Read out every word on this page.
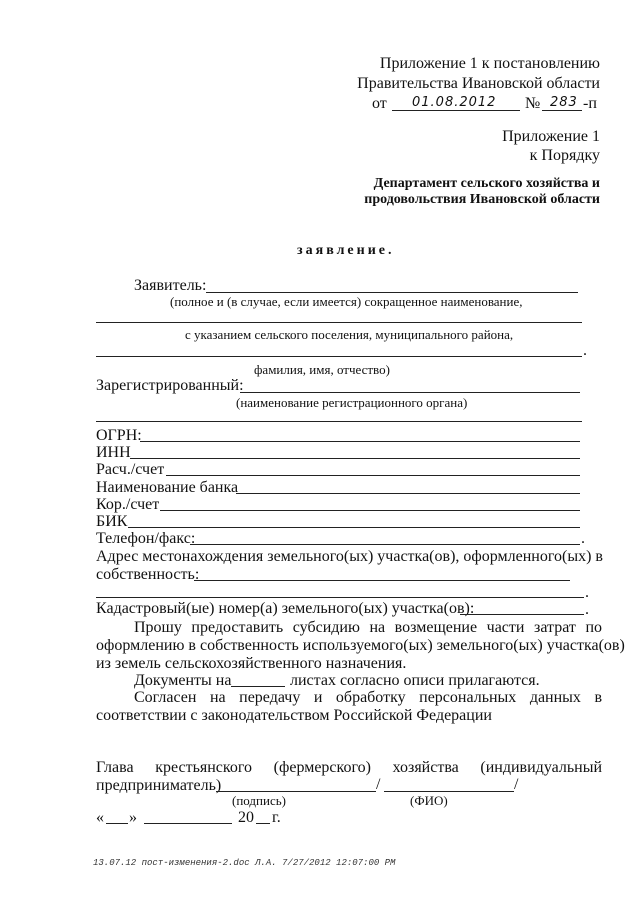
Приложение 1 к постановлению
Правительства Ивановской области
от 01.08.2012 № 283 -п
Приложение 1
к Порядку
Департамент сельского хозяйства и
продовольствия Ивановской области
заявление.
Заявитель:
(полное и (в случае, если имеется) сокращенное наименование,
с указанием сельского поселения, муниципального района,
.
фамилия, имя, отчество)
Зарегистрированный:
(наименование регистрационного органа)
ОГРН:
ИНН
Расч./счет
Наименование банка
Кор./счет
БИК
Телефон/факс:	.
Адрес местонахождения земельного(ых) участка(ов), оформленного(ых) в
собственность:
.
Кадастровый(ые) номер(а) земельного(ых) участка(ов):	.
Прошу предоставить субсидию на возмещение части затрат по
оформлению в собственность используемого(ых) земельного(ых) участка(ов)
из земель сельскохозяйственного назначения.
Документы на	листах согласно описи прилагаются.
Согласен на передачу и обработку персональных данных в
соответствии с законодательством Российской Федерации
Глава крестьянского (фермерского) хозяйства (индивидуальный
предприниматель)	/	/
(подпись)	(ФИО)
« »	20 г.
13.07.12 пост-изменения-2.doc Л.А. 7/27/2012 12:07:00 PM
